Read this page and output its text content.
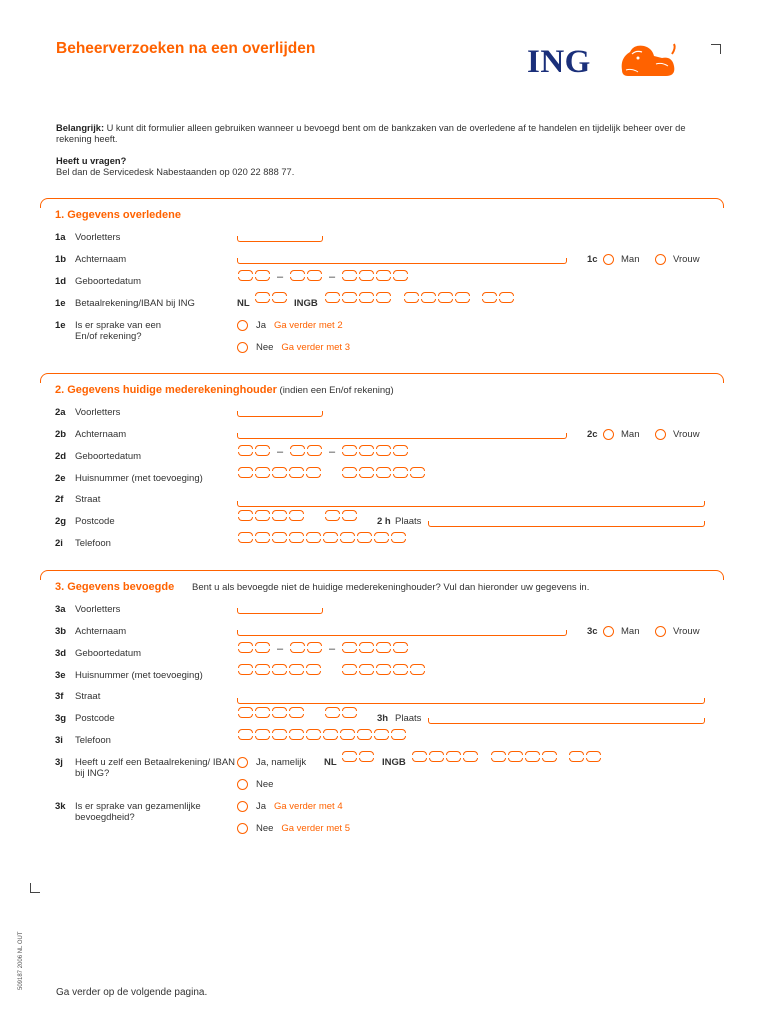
Beheerverzoeken na een overlijden	ING

Belangrijk: U kunt dit formulier alleen gebruiken wanneer u bevoegd bent om de bankzaken van de overledene af te handelen en tijdelijk beheer over de rekening heeft.

Heeft u vragen?

Bel dan de Servicedesk Nabestaanden op 020 22 888 77.

1. Gegevens overledene
1a Voorletters
1b Achternaam	1c Man	Vrouw
1d Geboortedatum	–	–
1e Betaalrekening/IBAN bij ING	NL	INGB
1e Is er sprake van een En/of rekening?
Ja Ga verder met 2
Nee Ga verder met 3
2. Gegevens huidige mederekeninghouder (indien een En/of rekening)
2a Voorletters
2b Achternaam	2c Man	Vrouw
2d Geboortedatum	–	–
2e Huisnummer (met toevoeging)
2f Straat
2g Postcode	2 h Plaats
2i Telefoon
3. Gegevens bevoegde Bent u als bevoegde niet de huidige mederekeninghouder? Vul dan hieronder uw gegevens in.
3a Voorletters
3b Achternaam	3c Man	Vrouw
3d Geboortedatum	–	–
3e Huisnummer (met toevoeging)
3f Straat
3g Postcode	3h Plaats
3i Telefoon
3j Heeft u zelf een Betaalrekening/ IBAN bij ING?
Ja, namelijk NL	INGB
Nee
3k Is er sprake van gezamenlijke bevoegdheid?
Ja Ga verder met 4
Nee Ga verder met 5
509187 2006 NL OUT
Ga verder op de volgende pagina.
